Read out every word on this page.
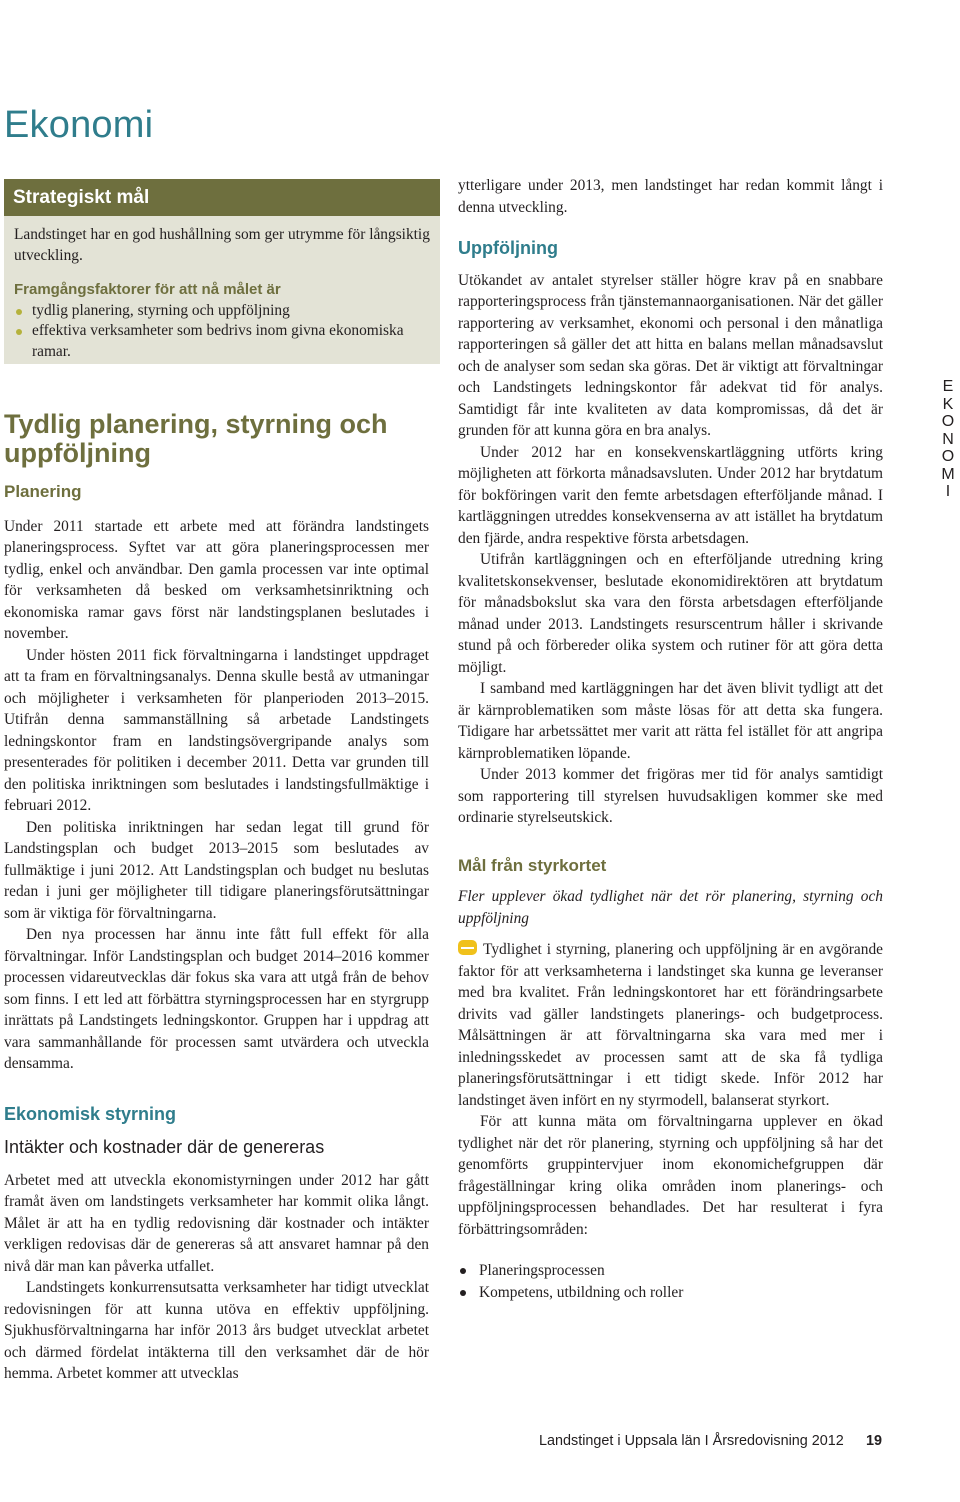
Ekonomi
Strategiskt mål

Landstinget har en god hushållning som ger utrymme för långsiktig utveckling.

Framgångsfaktorer för att nå målet är

tydlig planering, styrning och uppföljning
effektiva verksamheter som bedrivs inom givna ekonomiska ramar.
Tydlig planering, styrning och uppföljning
Planering

Under 2011 startade ett arbete med att förändra landstingets planeringsprocess. Syftet var att göra planeringsprocessen mer tydlig, enkel och användbar. Den gamla processen var inte optimal för verksamheten då besked om verksamhetsinriktning och ekonomiska ramar gavs först när landstingsplanen beslutades i november.

Under hösten 2011 fick förvaltningarna i landstinget uppdraget att ta fram en förvaltningsanalys. Denna skulle bestå av utmaningar och möjligheter i verksamheten för planperioden 2013–2015. Utifrån denna sammanställning så arbetade Landstingets ledningskontor fram en landstingsövergripande analys som presenterades för politiken i december 2011. Detta var grunden till den politiska inriktningen som beslutades i landstingsfullmäktige i februari 2012.

Den politiska inriktningen har sedan legat till grund för Landstingsplan och budget 2013–2015 som beslutades av fullmäktige i juni 2012. Att Landstingsplan och budget nu beslutas redan i juni ger möjligheter till tidigare planeringsförutsättningar som är viktiga för förvaltningarna.

Den nya processen har ännu inte fått full effekt för alla förvaltningar. Inför Landstingsplan och budget 2014–2016 kommer processen vidareutvecklas där fokus ska vara att utgå från de behov som finns. I ett led att förbättra styrningsprocessen har en styrgrupp inrättats på Landstingets ledningskontor. Gruppen har i uppdrag att vara sammanhållande för processen samt utvärdera och utveckla densamma.

Ekonomisk styrning
Intäkter och kostnader där de genereras

Arbetet med att utveckla ekonomistyrningen under 2012 har gått framåt även om landstingets verksamheter har kommit olika långt. Målet är att ha en tydlig redovisning där kostnader och intäkter verkligen redovisas där de genereras så att ansvaret hamnar på den nivå där man kan påverka utfallet.

Landstingets konkurrensutsatta verksamheter har tidigt utvecklat redovisningen för att kunna utöva en effektiv uppföljning. Sjukhusförvaltningarna har inför 2013 års budget utvecklat arbetet och därmed fördelat intäkterna till den verksamhet där de hör hemma. Arbetet kommer att utvecklas

ytterligare under 2013, men landstinget har redan kommit långt i denna utveckling.

Uppföljning

Utökandet av antalet styrelser ställer högre krav på en snabbare rapporteringsprocess från tjänstemannaorganisationen. När det gäller rapportering av verksamhet, ekonomi och personal i den månatliga rapporteringen så gäller det att hitta en balans mellan månadsavslut och de analyser som sedan ska göras. Det är viktigt att förvaltningar och Landstingets ledningskontor får adekvat tid för analys. Samtidigt får inte kvaliteten av data kompromissas, då det är grunden för att kunna göra en bra analys.

Under 2012 har en konsekvenskartläggning utförts kring möjligheten att förkorta månadsavsluten. Under 2012 har brytdatum för bokföringen varit den femte arbetsdagen efterföljande månad. I kartläggningen utreddes konsekvenserna av att istället ha brytdatum den fjärde, andra respektive första arbetsdagen.

Utifrån kartläggningen och en efterföljande utredning kring kvalitetskonsekvenser, beslutade ekonomidirektören att brytdatum för månadsbokslut ska vara den första arbetsdagen efterföljande månad under 2013. Landstingets resurscentrum håller i skrivande stund på och förbereder olika system och rutiner för att göra detta möjligt.

I samband med kartläggningen har det även blivit tydligt att det är kärnproblematiken som måste lösas för att detta ska fungera. Tidigare har arbetssättet mer varit att rätta fel istället för att angripa kärnproblematiken löpande.

Under 2013 kommer det frigöras mer tid för analys samtidigt som rapportering till styrelsen huvudsakligen kommer ske med ordinarie styrelseutskick.

Mål från styrkortet

Fler upplever ökad tydlighet när det rör planering, styrning och uppföljning

Tydlighet i styrning, planering och uppföljning är en avgörande faktor för att verksamheterna i landstinget ska kunna ge leveranser med bra kvalitet. Från ledningskontoret har ett förändringsarbete drivits vad gäller landstingets planerings- och budgetprocess. Målsättningen är att förvaltningarna ska vara med mer i inledningsskedet av processen samt att de ska få tydliga planeringsförutsättningar i ett tidigt skede. Inför 2012 har landstinget även infört en ny styrmodell, balanserat styrkort.

För att kunna mäta om förvaltningarna upplever en ökad tydlighet när det rör planering, styrning och uppföljning så har det genomförts gruppintervjuer inom ekonomichefgruppen där frågeställningar kring olika områden inom planerings- och uppföljningsprocessen behandlades. Det har resulterat i fyra förbättringsområden:

Planeringsprocessen
Kompetens, utbildning och roller
E
K
O
N
O
M
I
Landstinget i Uppsala län I Årsredovisning 2012 19
